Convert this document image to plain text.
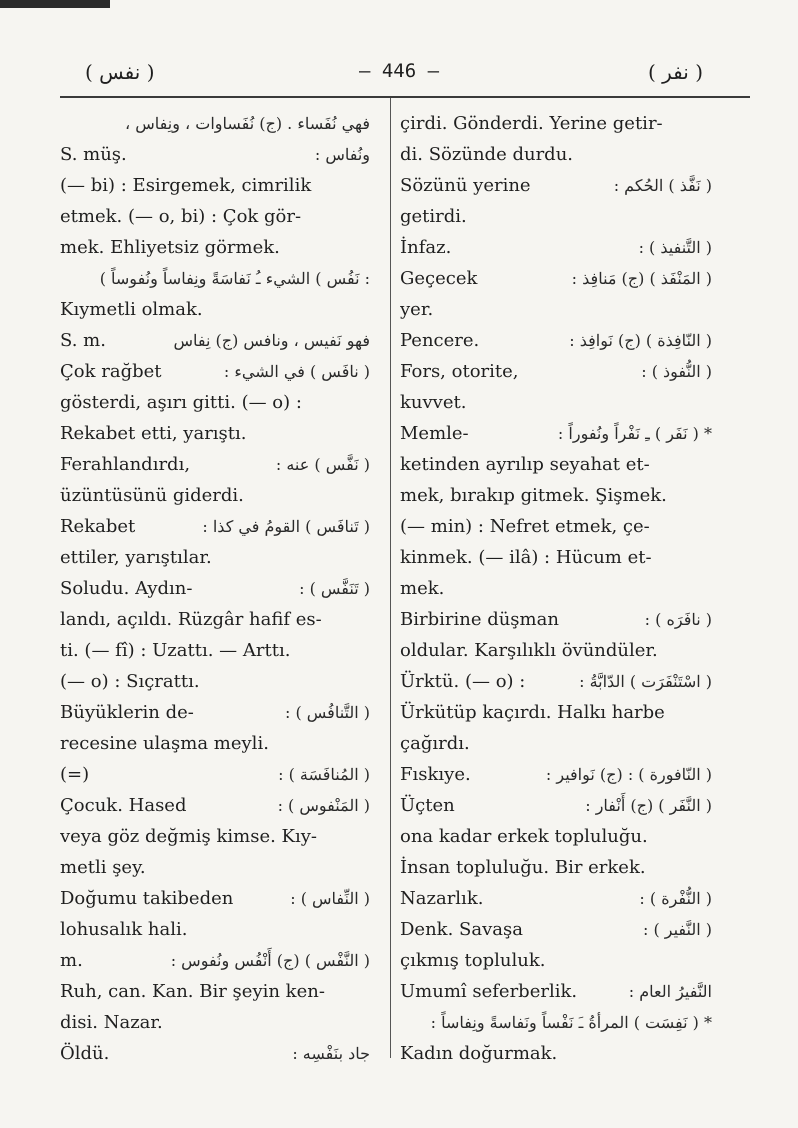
( نفس )	— 446 —	( نفر )
فهي نُفَساء . (ج) نُفَساوات ، ونِفاس ،
S. müş.	ونُفاس :
(— bi) : Esirgemek, cimrilik
etmek. (— o, bi) : Çok gör-
mek. Ehliyetsiz görmek.
: نَفُس ) الشيء ـُ نَفاسَةً ونِفاساً ونُفوساً )
Kıymetli olmak.
S. m.	فهو نَفيس ، ونافس (ج) نِفاس
Çok rağbet	( نافَس ) في الشيء :
gösterdi, aşırı gitti. (— o) :
Rekabet etti, yarıştı.
Ferahlandırdı,	( نَفَّس ) عنه :
üzüntüsünü giderdi.
Rekabet	( تَنافَس ) القومُ في كذا :
ettiler, yarıştılar.
Soludu. Aydın-	( تَنَفَّس ) :
landı, açıldı. Rüzgâr hafif es-
ti. (— fî) : Uzattı. — Arttı.
(— o) : Sıçrattı.
Büyüklerin de-	( التَّنافُس ) :
recesine ulaşma meyli.
(=)	( المُنافَسَة ) :
Çocuk. Hased	( المَنْفوس ) :
veya göz değmiş kimse. Kıy-
metli şey.
Doğumu takibeden	( النِّفاس ) :
lohusalık hali.
m.	( النَّفْس ) (ج) أَنْفُس ونُفوس :
Ruh, can. Kan. Bir şeyin ken-
disi. Nazar.
Öldü.	جاد بنَفْسِه :
çirdi. Gönderdi. Yerine getir-
di. Sözünde durdu.
Sözünü yerine	( نَفَّذ ) الحُكم :
getirdi.
İnfaz.	( التَّنفيذ ) :
Geçecek	( المَنْفَذ ) (ج) مَنافِذ :
yer.
Pencere.	( النّافِذة ) (ج) نَوافِذ :
Fors, otorite,	( النُّفوذ ) :
kuvvet.
Memle-	* ( نَفَر ) ـِ نَفْراً ونُفوراً :
ketinden ayrılıp seyahat et-
mek, bırakıp gitmek. Şişmek.
(— min) : Nefret etmek, çe-
kinmek. (— ilâ) : Hücum et-
mek.
Birbirine düşman	( نافَرَه ) :
oldular. Karşılıklı övündüler.
Ürktü. (— o) :	( اسْتَنْفَرَت ) الدّابَّةُ :
Ürkütüp kaçırdı. Halkı harbe
çağırdı.
Fıskıye.	( النّافورة ) : (ج) نَوافير :
Üçten	( النَّفَر ) (ج) أَنْفار :
ona kadar erkek topluluğu.
İnsan topluluğu. Bir erkek.
Nazarlık.	( النُّفْرة ) :
Denk. Savaşa	( النَّفير ) :
çıkmış topluluk.
Umumî seferberlik.	النَّفيرُ العام :
* ( نَفِسَت ) المرأةُ ـَ نَفْساً ونَفاسةً ونِفاساً :
Kadın doğurmak.
